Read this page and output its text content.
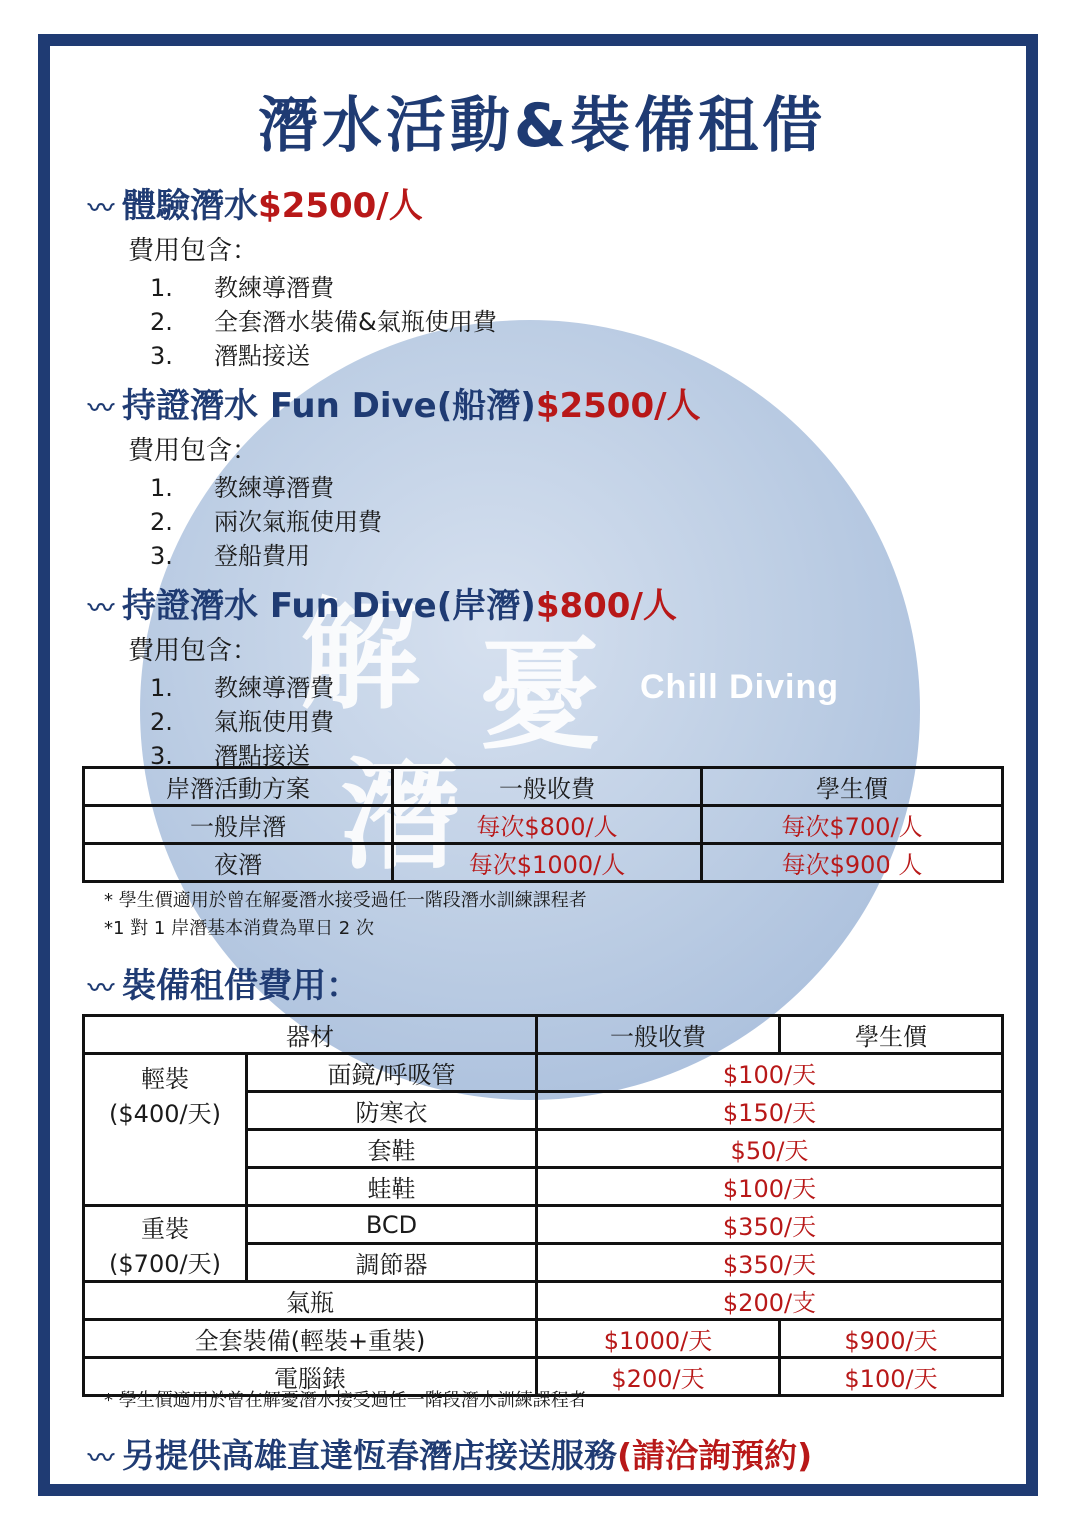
解 憂
潛
Chill Diving
潛水活動&裝備租借
〰 體驗潛水$2500/人
費用包含：
1. 教練導潛費
2. 全套潛水裝備&氣瓶使用費
3. 潛點接送
〰 持證潛水 Fun Dive(船潛)$2500/人
費用包含：
1. 教練導潛費
2. 兩次氣瓶使用費
3. 登船費用
〰 持證潛水 Fun Dive(岸潛)$800/人
費用包含：
1. 教練導潛費
2. 氣瓶使用費
3. 潛點接送
岸潛活動方案	一般收費	學生價
一般岸潛	每次$800/人	每次$700/人
夜潛	每次$1000/人	每次$900 人
* 學生價適用於曾在解憂潛水接受過任一階段潛水訓練課程者
*1 對 1 岸潛基本消費為單日 2 次
〰 裝備租借費用：
器材		一般收費	學生價

輕裝
($400/天)	面鏡/呼吸管	$100/天	
	防寒衣	$150/天	
	套鞋	$50/天	
	蛙鞋	$100/天	

重裝
($700/天)	BCD	$350/天	
	調節器	$350/天	
氣瓶		$200/支	
全套裝備(輕裝+重裝)		$1000/天	$900/天
電腦錶		$200/天	$100/天
* 學生價適用於曾在解憂潛水接受過任一階段潛水訓練課程者
〰 另提供高雄直達恆春潛店接送服務(請洽詢預約)
